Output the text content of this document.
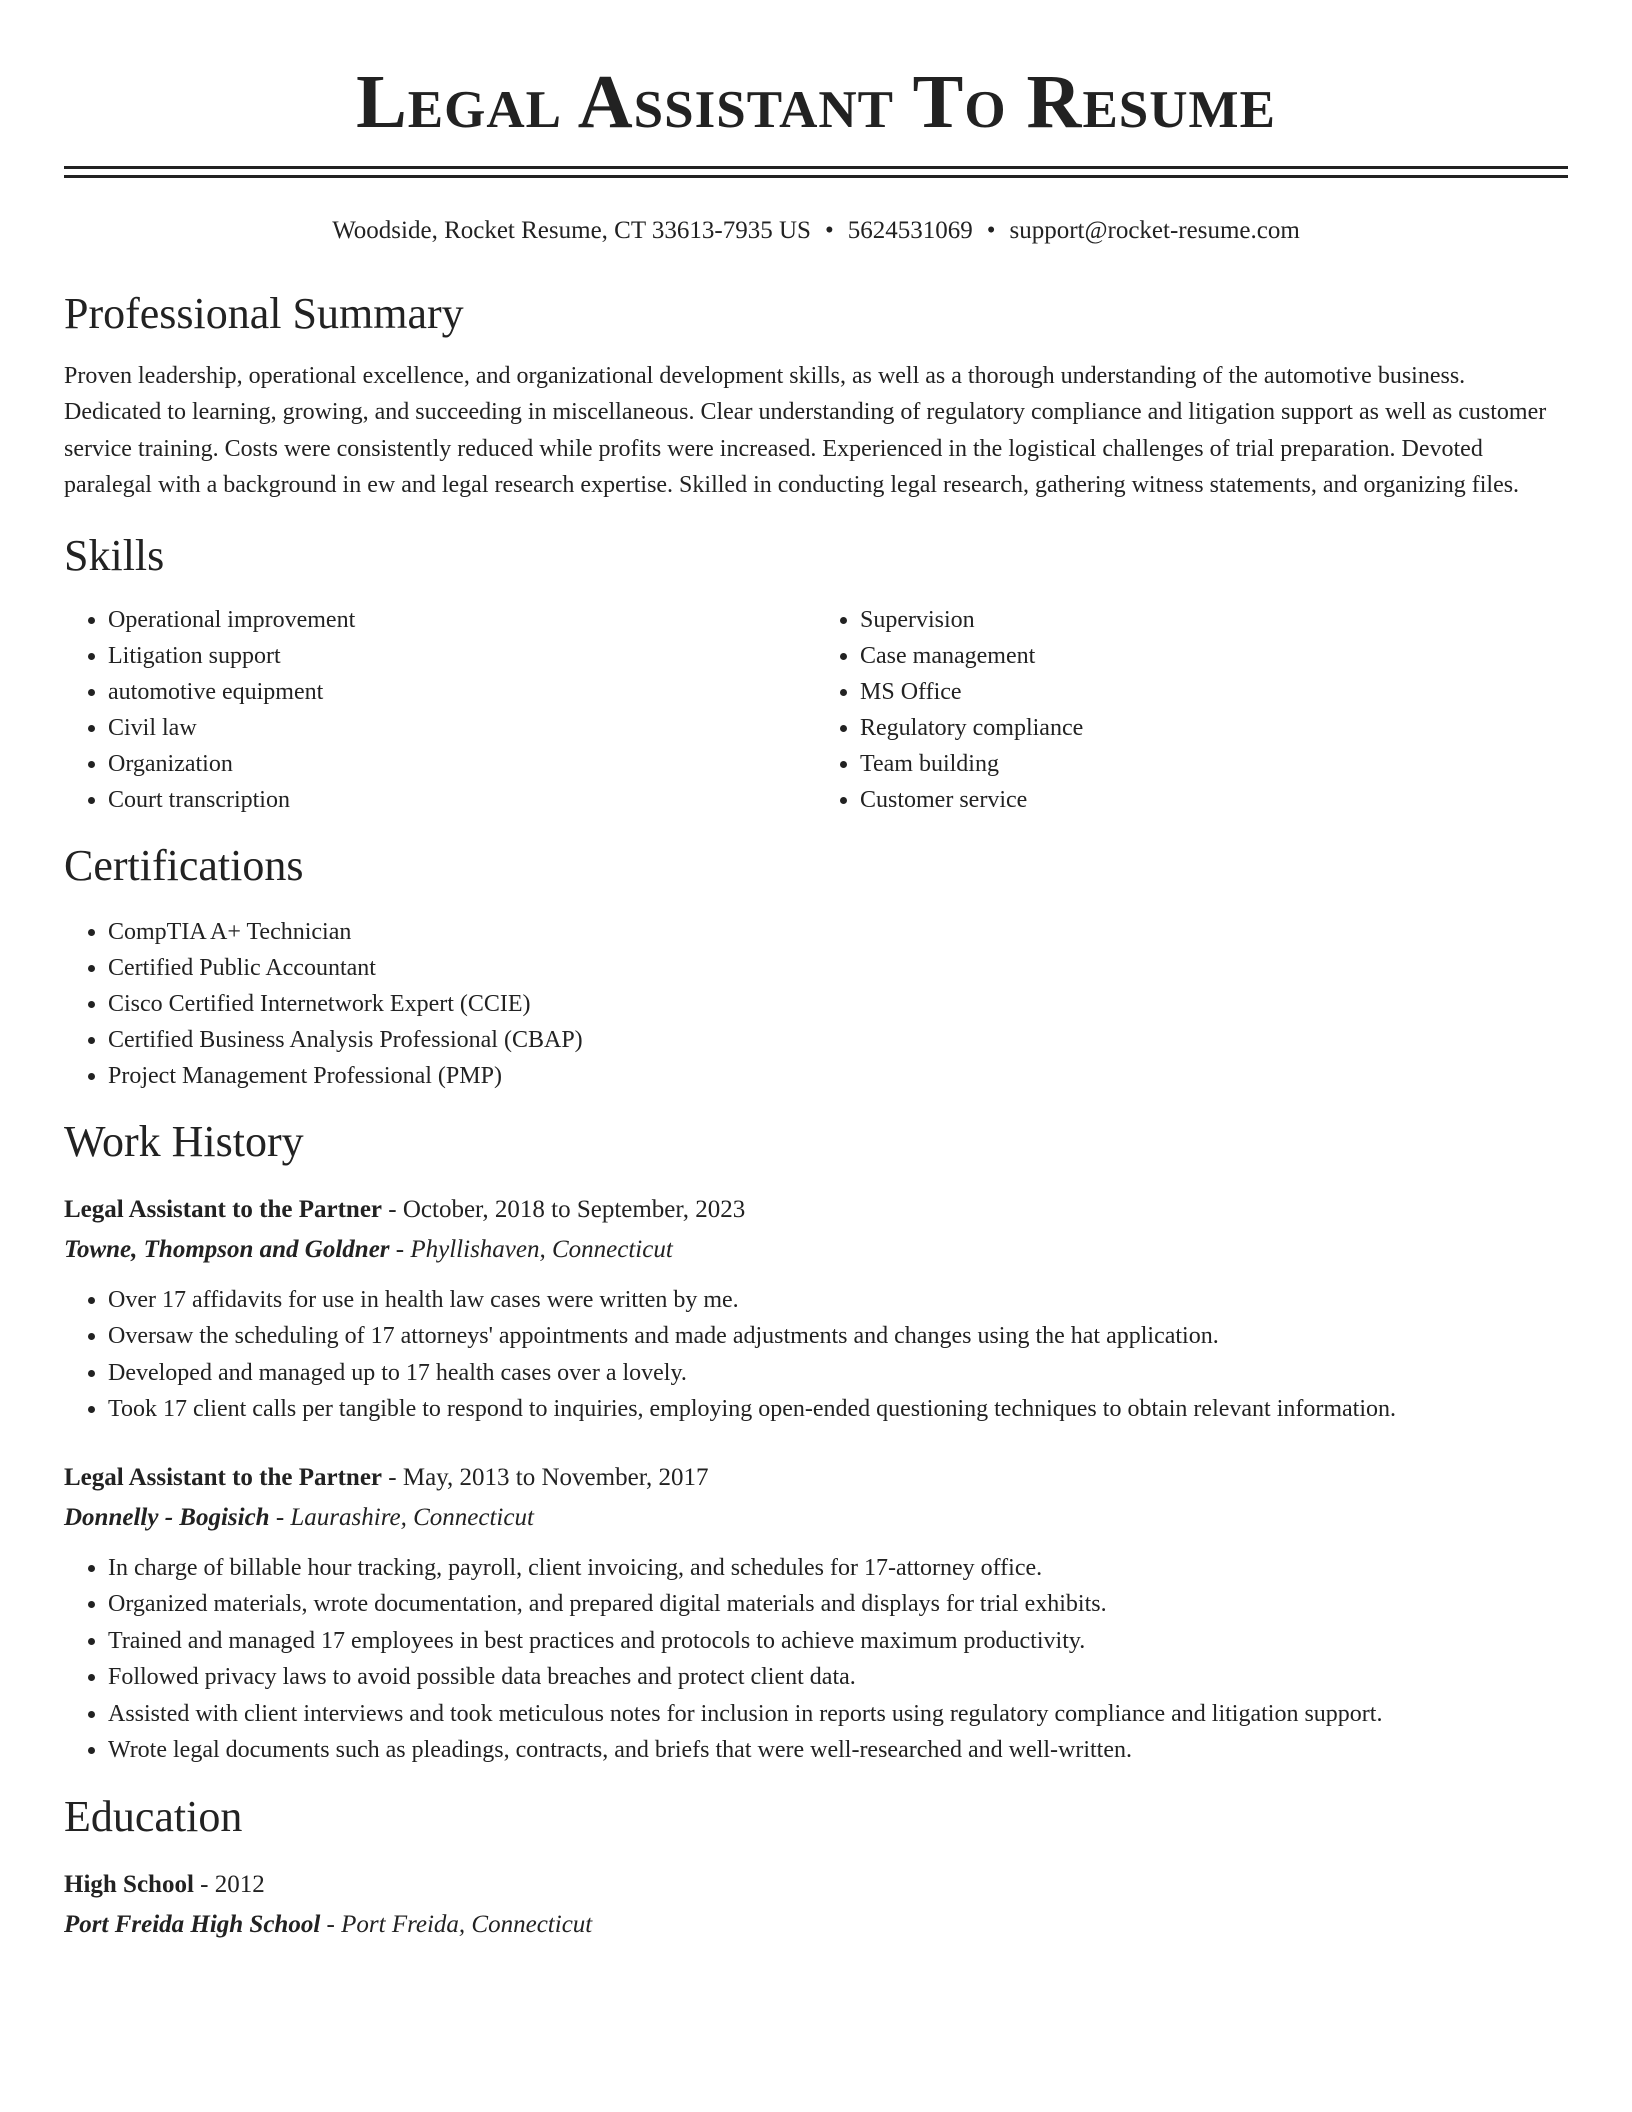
Legal Assistant To Resume
Woodside, Rocket Resume, CT 33613-7935 US • 5624531069 • support@rocket-resume.com
Professional Summary
Proven leadership, operational excellence, and organizational development skills, as well as a thorough understanding of the automotive business. Dedicated to learning, growing, and succeeding in miscellaneous. Clear understanding of regulatory compliance and litigation support as well as customer service training. Costs were consistently reduced while profits were increased. Experienced in the logistical challenges of trial preparation. Devoted paralegal with a background in ew and legal research expertise. Skilled in conducting legal research, gathering witness statements, and organizing files.
Skills
• Operational improvement
• Litigation support
• automotive equipment
• Civil law
• Organization
• Court transcription
• Supervision
• Case management
• MS Office
• Regulatory compliance
• Team building
• Customer service
Certifications
• CompTIA A+ Technician
• Certified Public Accountant
• Cisco Certified Internetwork Expert (CCIE)
• Certified Business Analysis Professional (CBAP)
• Project Management Professional (PMP)
Work History
Legal Assistant to the Partner - October, 2018 to September, 2023
Towne, Thompson and Goldner - Phyllishaven, Connecticut
• Over 17 affidavits for use in health law cases were written by me.
• Oversaw the scheduling of 17 attorneys' appointments and made adjustments and changes using the hat application.
• Developed and managed up to 17 health cases over a lovely.
• Took 17 client calls per tangible to respond to inquiries, employing open-ended questioning techniques to obtain relevant information.
Legal Assistant to the Partner - May, 2013 to November, 2017
Donnelly - Bogisich - Laurashire, Connecticut
• In charge of billable hour tracking, payroll, client invoicing, and schedules for 17-attorney office.
• Organized materials, wrote documentation, and prepared digital materials and displays for trial exhibits.
• Trained and managed 17 employees in best practices and protocols to achieve maximum productivity.
• Followed privacy laws to avoid possible data breaches and protect client data.
• Assisted with client interviews and took meticulous notes for inclusion in reports using regulatory compliance and litigation support.
• Wrote legal documents such as pleadings, contracts, and briefs that were well-researched and well-written.
Education
High School - 2012
Port Freida High School - Port Freida, Connecticut
